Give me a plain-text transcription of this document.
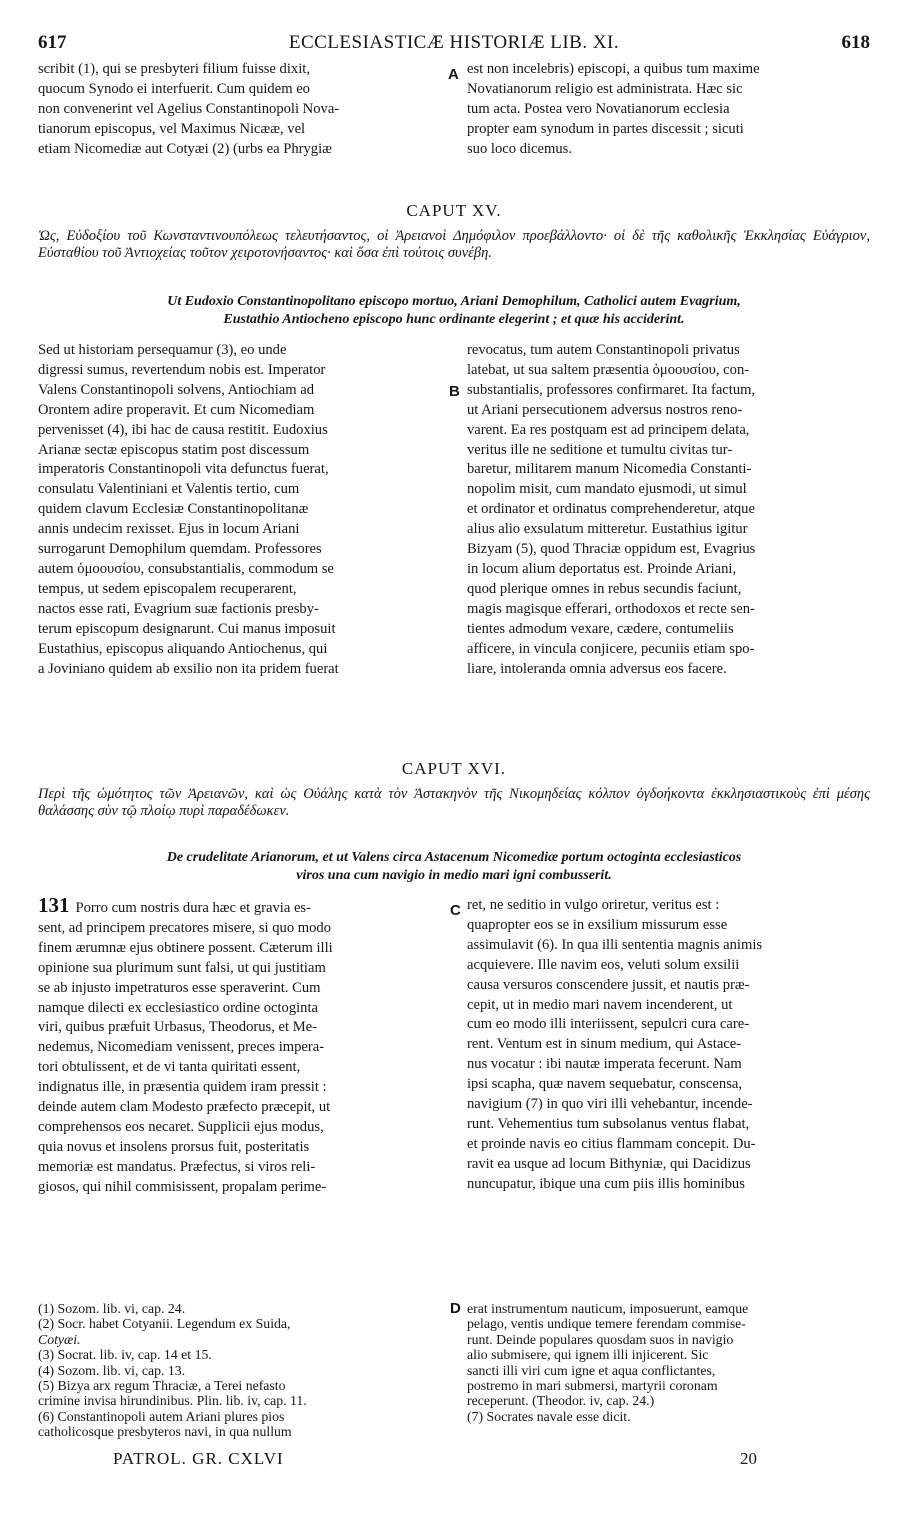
617	ECCLESIASTICÆ HISTORIÆ LIB. XI.	618

scribit (1), qui se presbyteri filium fuisse dixit,

quocum Synodo ei interfuerit. Cum quidem eo

non convenerint vel Agelius Constantinopoli Nova-

tianorum episcopus, vel Maximus Nicææ, vel

etiam Nicomediæ aut Cotyæi (2) (urbs ea Phrygiæ

A est non incelebris) episcopi, a quibus tum maxime

Novatianorum religio est administrata. Hæc sic

tum acta. Postea vero Novatianorum ecclesia

propter eam synodum in partes discessit ; sicuti

suo loco dicemus.

CAPUT XV.
Ὡς, Εὐδοξίου τοῦ Κωνσταντινουπόλεως τελευτήσαντος, οἱ Ἀρειανοὶ Δημόφιλον προεβάλλοντο· οἱ δὲ τῆς καθολικῆς Ἐκκλησίας Εὐάγριον, Εὐσταθίου τοῦ Ἀντιοχείας τοῦτον χειροτονήσαντος· καὶ ὅσα ἐπὶ τούτοις συνέβη.
Ut Eudoxio Constantinopolitano episcopo mortuo, Ariani Demophilum, Catholici autem Evagrium,
Eustathio Antiocheno episcopo hunc ordinante elegerint ; et quæ his acciderint.

Sed ut historiam persequamur (3), eo unde

digressi sumus, revertendum nobis est. Imperator

Valens Constantinopoli solvens, Antiochiam ad

Orontem adire properavit. Et cum Nicomediam

pervenisset (4), ibi hac de causa restitit. Eudoxius

Arianæ sectæ episcopus statim post discessum

imperatoris Constantinopoli vita defunctus fuerat,

consulatu Valentiniani et Valentis tertio, cum

quidem clavum Ecclesiæ Constantinopolitanæ

annis undecim rexisset. Ejus in locum Ariani

surrogarunt Demophilum quemdam. Professores

autem ὁμοουσίου, consubstantialis, commodum se

tempus, ut sedem episcopalem recuperarent,

nactos esse rati, Evagrium suæ factionis presby-

terum episcopum designarunt. Cui manus imposuit

Eustathius, episcopus aliquando Antiochenus, qui

a Joviniano quidem ab exsilio non ita pridem fuerat

B

revocatus, tum autem Constantinopoli privatus

latebat, ut sua saltem præsentia ὁμοουσίου, con-

substantialis, professores confirmaret. Ita factum,

ut Ariani persecutionem adversus nostros reno-

varent. Ea res postquam est ad principem delata,

veritus ille ne seditione et tumultu civitas tur-

baretur, militarem manum Nicomedia Constanti-

nopolim misit, cum mandato ejusmodi, ut simul

et ordinator et ordinatus comprehenderetur, atque

alius alio exsulatum mitteretur. Eustathius igitur

Bizyam (5), quod Thraciæ oppidum est, Evagrius

in locum alium deportatus est. Proinde Ariani,

quod plerique omnes in rebus secundis faciunt,

magis magisque efferari, orthodoxos et recte sen-

tientes admodum vexare, cædere, contumeliis

afficere, in vincula conjicere, pecuniis etiam spo-

liare, intoleranda omnia adversus eos facere.

CAPUT XVI.
Περὶ τῆς ὠμότητος τῶν Ἀρειανῶν, καὶ ὡς Οὐάλης κατὰ τὸν Ἀστακηνὸν τῆς Νικομηδείας κόλπον ὀγδοήκοντα ἐκκλησιαστικοὺς ἐπὶ μέσης θαλάσσης σὺν τῷ πλοίῳ πυρὶ παραδέδωκεν.
De crudelitate Arianorum, et ut Valens circa Astacenum Nicomediæ portum octoginta ecclesiasticos
viros una cum navigio in medio mari igni combusserit.

131 Porro cum nostris dura hæc et gravia es-

sent, ad principem precatores misere, si quo modo

finem ærumnæ ejus obtinere possent. Cæterum illi

opinione sua plurimum sunt falsi, ut qui justitiam

se ab injusto impetraturos esse speraverint. Cum

namque dilecti ex ecclesiastico ordine octoginta

viri, quibus præfuit Urbasus, Theodorus, et Me-

nedemus, Nicomediam venissent, preces impera-

tori obtulissent, et de vi tanta quiritati essent,

indignatus ille, in præsentia quidem iram pressit :

deinde autem clam Modesto præfecto præcepit, ut

comprehensos eos necaret. Supplicii ejus modus,

quia novus et insolens prorsus fuit, posteritatis

memoriæ est mandatus. Præfectus, si viros reli-

giosos, qui nihil commisissent, propalam perime-

C ret, ne seditio in vulgo oriretur, veritus est :

quapropter eos se in exsilium missurum esse

assimulavit (6). In qua illi sententia magnis animis

acquievere. Ille navim eos, veluti solum exsilii

causa versuros conscendere jussit, et nautis præ-

cepit, ut in medio mari navem incenderent, ut

cum eo modo illi interiissent, sepulcri cura care-

rent. Ventum est in sinum medium, qui Astace-

nus vocatur : ibi nautæ imperata fecerunt. Nam

ipsi scapha, quæ navem sequebatur, conscensa,

navigium (7) in quo viri illi vehebantur, incende-

runt. Vehementius tum subsolanus ventus flabat,

et proinde navis eo citius flammam concepit. Du-

ravit ea usque ad locum Bithyniæ, qui Dacidizus

nuncupatur, ibique una cum piis illis hominibus

(1) Sozom. lib. vi, cap. 24.
(2) Socr. habet Cotyanii. Legendum ex Suida,
Cotyæi.
(3) Socrat. lib. iv, cap. 14 et 15.
(4) Sozom. lib. vi, cap. 13.
(5) Bizya arx regum Thraciæ, a Terei nefasto
crimine invisa hirundinibus. Plin. lib. iv, cap. 11.
(6) Constantinopoli autem Ariani plures pios
catholicosque presbyteros navi, in qua nullum
D erat instrumentum nauticum, imposuerunt, eamque
pelago, ventis undique temere ferendam commise-
runt. Deinde populares quosdam suos in navigio
alio submisere, qui ignem illi injicerent. Sic
sancti illi viri cum igne et aqua conflictantes,
postremo in mari submersi, martyrii coronam
receperunt. (Theodor. iv, cap. 24.)
(7) Socrates navale esse dicit.
PATROL. GR. CXLVI	20
